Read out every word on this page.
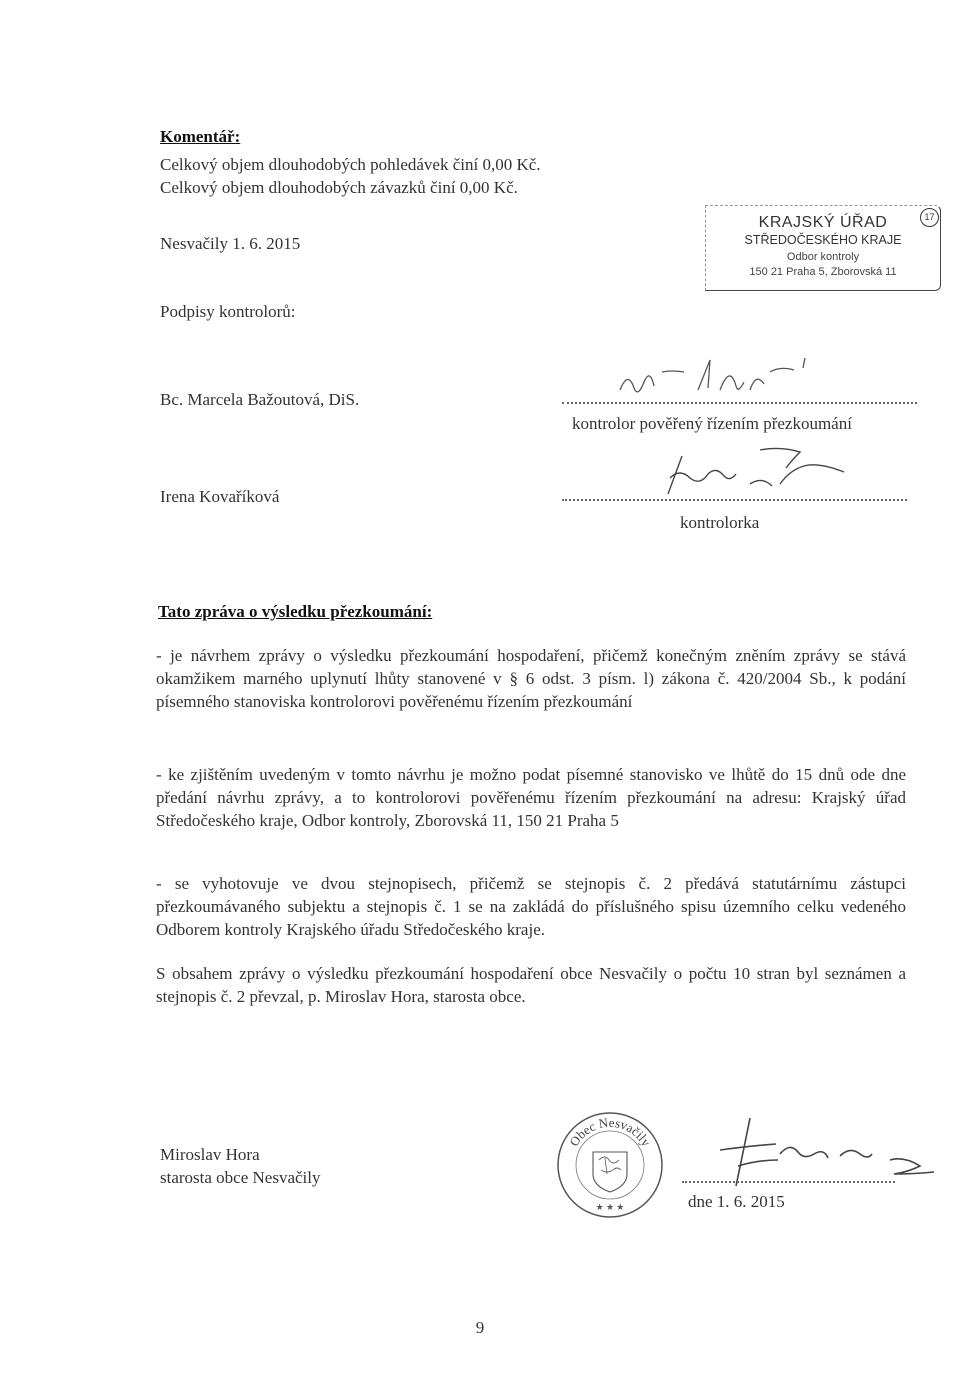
Komentář:
Celkový objem dlouhodobých pohledávek činí 0,00 Kč.
Celkový objem dlouhodobých závazků činí 0,00 Kč.
Nesvačily 1. 6. 2015
Podpisy kontrolorů:
KRAJSKÝ ÚŘAD
STŘEDOČESKÉHO KRAJE
Odbor kontroly
150 21 Praha 5, Zborovská 11
17
Bc. Marcela Bažoutová, DiS.
kontrolor pověřený řízením přezkoumání
Irena Kovaříková
kontrolorka
Tato zpráva o výsledku přezkoumání:
- je návrhem zprávy o výsledku přezkoumání hospodaření, přičemž konečným zněním zprávy se stává okamžikem marného uplynutí lhůty stanovené v § 6 odst. 3 písm. l) zákona č. 420/2004 Sb., k podání písemného stanoviska kontrolorovi pověřenému řízením přezkoumání
- ke zjištěním uvedeným v tomto návrhu je možno podat písemné stanovisko ve lhůtě do 15 dnů ode dne předání návrhu zprávy, a to kontrolorovi pověřenému řízením přezkoumání na adresu: Krajský úřad Středočeského kraje, Odbor kontroly, Zborovská 11, 150 21 Praha 5
- se vyhotovuje ve dvou stejnopisech, přičemž se stejnopis č. 2 předává statutárnímu zástupci přezkoumávaného subjektu a stejnopis č. 1 se na zakládá do příslušného spisu územního celku vedeného Odborem kontroly Krajského úřadu Středočeského kraje.
S obsahem zprávy o výsledku přezkoumání hospodaření obce Nesvačily o počtu 10 stran byl seznámen a stejnopis č. 2 převzal, p. Miroslav Hora, starosta obce.
Miroslav Hora
starosta obce Nesvačily
Obec Nesvačily
★ ★ ★	dne 1. 6. 2015
9
